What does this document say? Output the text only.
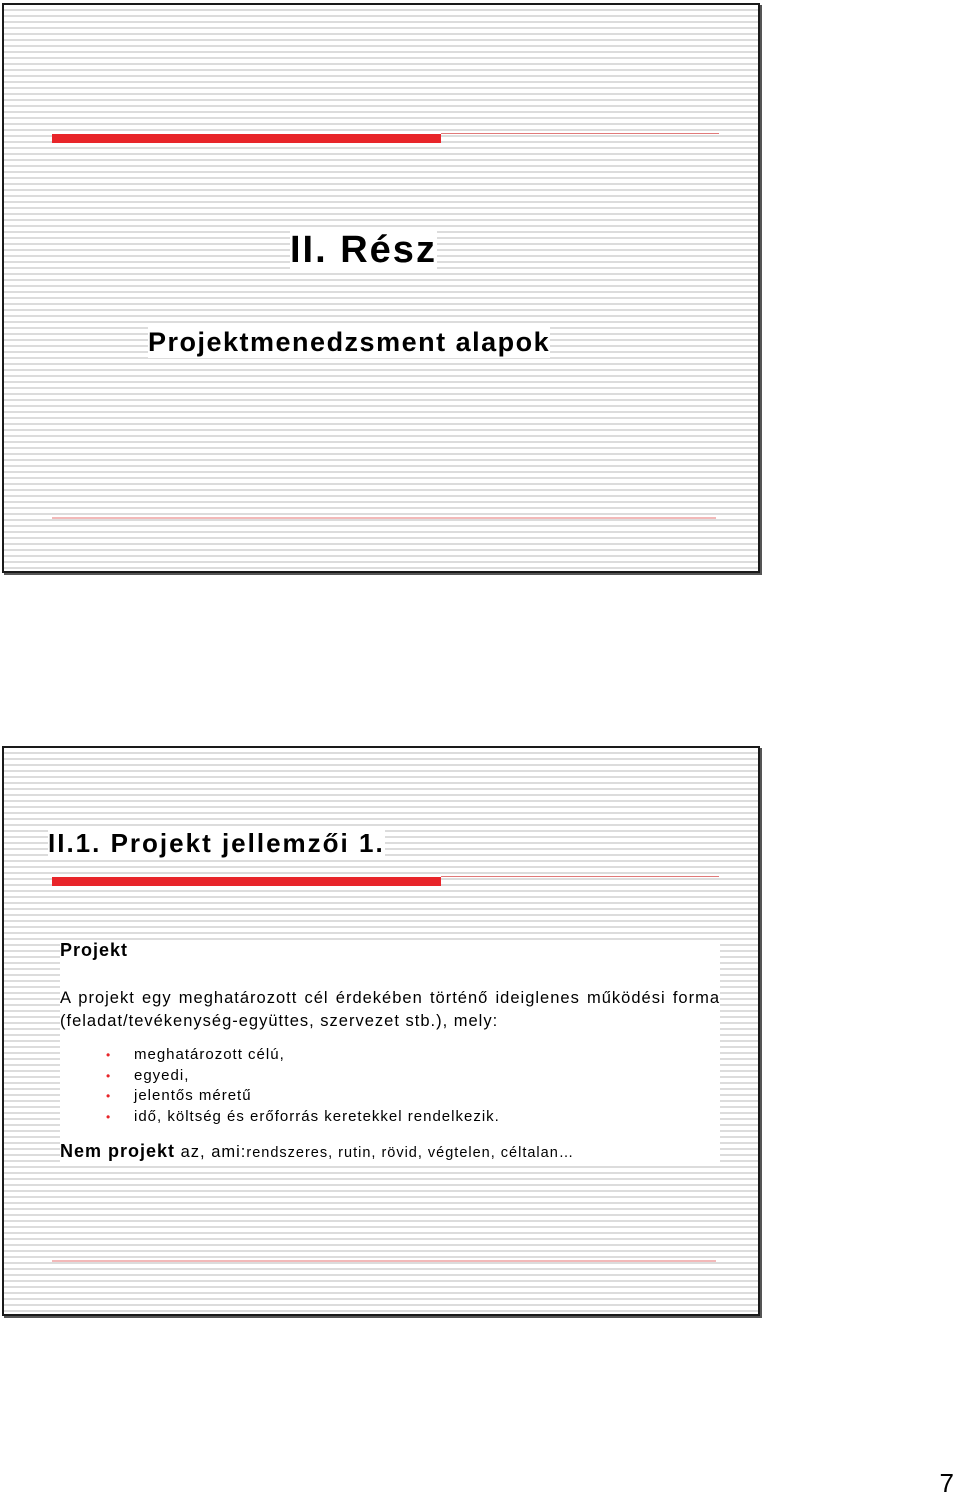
II. Rész
Projektmenedzsment alapok
II.1. Projekt jellemzői 1.

Projekt

A projekt egy meghatározott cél érdekében történő ideiglenes működési forma (feladat/tevékenység-együttes, szervezet stb.), mely:

• meghatározott célú,
• egyedi,
• jelentős méretű
• idő, költség és erőforrás keretekkel rendelkezik.

Nem projekt az, ami:rendszeres, rutin, rövid, végtelen, céltalan…

7
